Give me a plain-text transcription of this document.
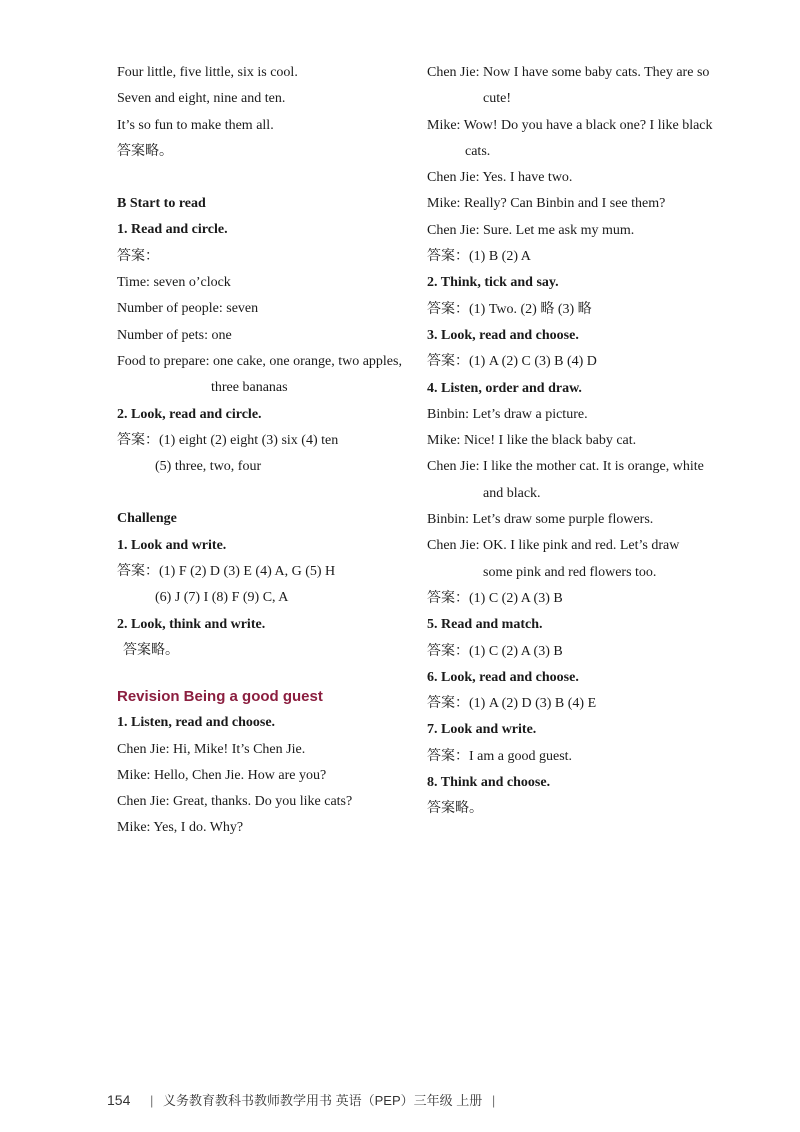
Four little, five little, six is cool.

Seven and eight, nine and ten.

It’s so fun to make them all.

答案略。

B Start to read

1. Read and circle.

答案：

Time: seven o’clock

Number of people: seven

Number of pets: one

Food to prepare: one cake, one orange, two apples,

three bananas

2. Look, read and circle.

答案：(1) eight (2) eight (3) six (4) ten

(5) three, two, four

Challenge

1. Look and write.

答案：(1) F (2) D (3) E (4) A, G (5) H

(6) J (7) I (8) F (9) C, A

2. Look, think and write.

答案略。

Revision Being a good guest

1. Listen, read and choose.

Chen Jie: Hi, Mike! It’s Chen Jie.

Mike: Hello, Chen Jie. How are you?

Chen Jie: Great, thanks. Do you like cats?

Mike: Yes, I do. Why?

Chen Jie: Now I have some baby cats. They are so

cute!

Mike: Wow! Do you have a black one? I like black

cats.

Chen Jie: Yes. I have two.

Mike: Really? Can Binbin and I see them?

Chen Jie: Sure. Let me ask my mum.

答案：(1) B (2) A

2. Think, tick and say.

答案：(1) Two. (2) 略 (3) 略

3. Look, read and choose.

答案：(1) A (2) C (3) B (4) D

4. Listen, order and draw.

Binbin: Let’s draw a picture.

Mike: Nice! I like the black baby cat.

Chen Jie: I like the mother cat. It is orange, white

and black.

Binbin: Let’s draw some purple flowers.

Chen Jie: OK. I like pink and red. Let’s draw

some pink and red flowers too.

答案：(1) C (2) A (3) B

5. Read and match.

答案：(1) C (2) A (3) B

6. Look, read and choose.

答案：(1) A (2) D (3) B (4) E

7. Look and write.

答案：I am a good guest.

8. Think and choose.

答案略。

154 | 义务教育教科书教师教学用书 英语（PEP）三年级 上册 |
